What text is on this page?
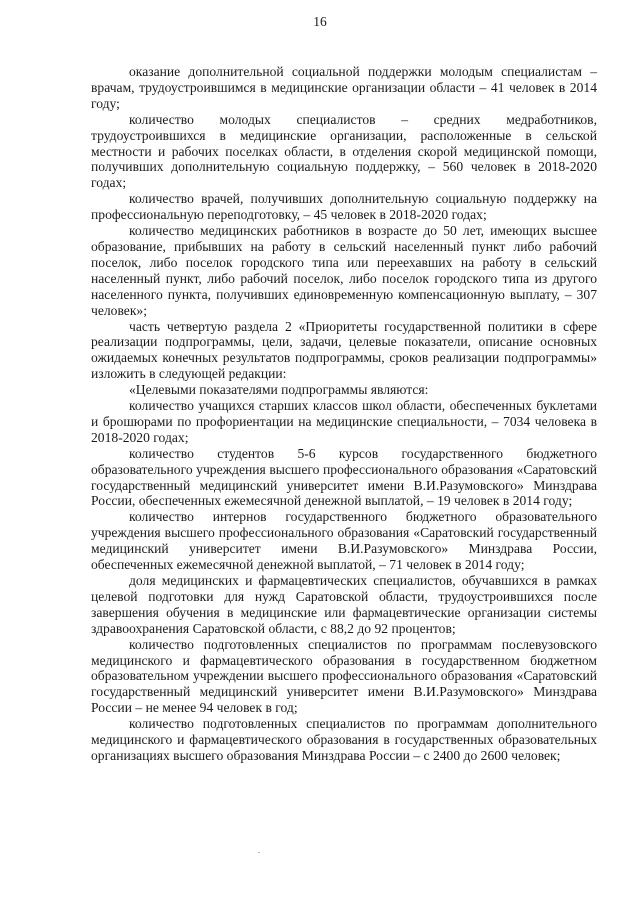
16

оказание дополнительной социальной поддержки молодым специалистам – врачам, трудоустроившимся в медицинские организации области – 41 человек в 2014 году;

количество молодых специалистов – средних медработников, трудоустроившихся в медицинские организации, расположенные в сельской местности и рабочих поселках области, в отделения скорой медицинской помощи, получивших дополнительную социальную поддержку, – 560 человек в 2018-2020 годах;

количество врачей, получивших дополнительную социальную поддержку на профессиональную переподготовку, – 45 человек в 2018-2020 годах;

количество медицинских работников в возрасте до 50 лет, имеющих высшее образование, прибывших на работу в сельский населенный пункт либо рабочий поселок, либо поселок городского типа или переехавших на работу в сельский населенный пункт, либо рабочий поселок, либо поселок городского типа из другого населенного пункта, получивших единовременную компенсационную выплату, – 307 человек»;

часть четвертую раздела 2 «Приоритеты государственной политики в сфере реализации подпрограммы, цели, задачи, целевые показатели, описание основных ожидаемых конечных результатов подпрограммы, сроков реализации подпрограммы» изложить в следующей редакции:

«Целевыми показателями подпрограммы являются:

количество учащихся старших классов школ области, обеспеченных буклетами и брошюрами по профориентации на медицинские специальности, – 7034 человека в 2018-2020 годах;

количество студентов 5-6 курсов государственного бюджетного образовательного учреждения высшего профессионального образования «Саратовский государственный медицинский университет имени В.И.Разумовского» Минздрава России, обеспеченных ежемесячной денежной выплатой, – 19 человек в 2014 году;

количество интернов государственного бюджетного образовательного учреждения высшего профессионального образования «Саратовский государственный медицинский университет имени В.И.Разумовского» Минздрава России, обеспеченных ежемесячной денежной выплатой, – 71 человек в 2014 году;

доля медицинских и фармацевтических специалистов, обучавшихся в рамках целевой подготовки для нужд Саратовской области, трудоустроившихся после завершения обучения в медицинские или фармацевтические организации системы здравоохранения Саратовской области, с 88,2 до 92 процентов;

количество подготовленных специалистов по программам послевузовского медицинского и фармацевтического образования в государственном бюджетном образовательном учреждении высшего профессионального образования «Саратовский государственный медицинский университет имени В.И.Разумовского» Минздрава России – не менее 94 человек в год;

количество подготовленных специалистов по программам дополнительного медицинского и фармацевтического образования в государственных образовательных организациях высшего образования Минздрава России – с 2400 до 2600 человек;
